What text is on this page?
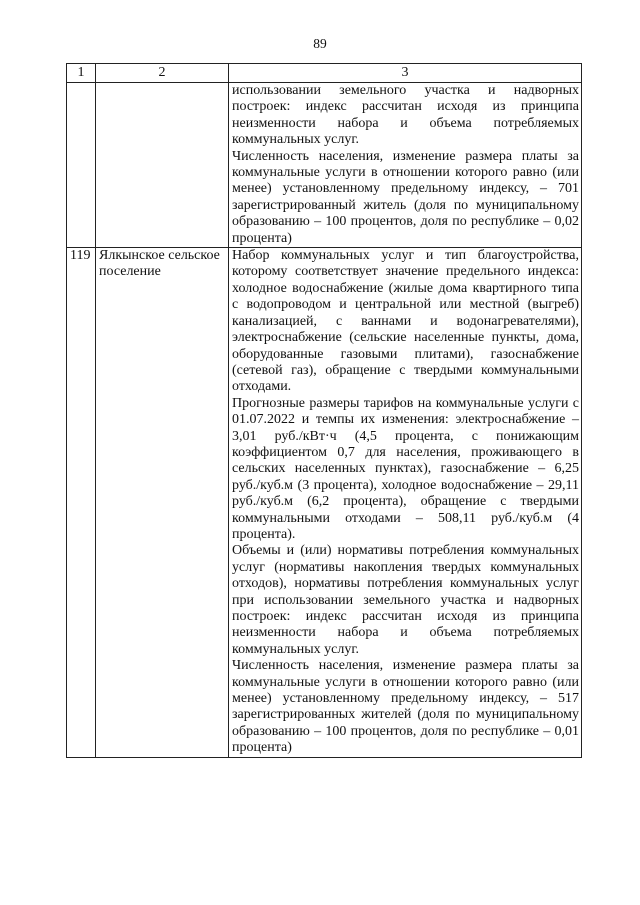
89
1	2	3

		использовании земельного участка и надворных построек: индекс рассчитан исходя из принципа неизменности набора и объема потребляемых коммунальных услуг.

Численность населения, изменение размера платы за коммунальные услуги в отношении которого равно (или менее) установленному предельному индексу, – 701 зарегистрированный житель (доля по муниципальному образованию – 100 процентов, доля по республике – 0,02 процента)

119	Ялкынское сельское поселение	Набор коммунальных услуг и тип благоустройства, которому соответствует значение предельного индекса: холодное водоснабжение (жилые дома квартирного типа с водопроводом и центральной или местной (выгреб) канализацией, с ваннами и водонагревателями), электроснабжение (сельские населенные пункты, дома, оборудованные газовыми плитами), газоснабжение (сетевой газ), обращение с твердыми коммунальными отходами.

Прогнозные размеры тарифов на коммунальные услуги с 01.07.2022 и темпы их изменения: электроснабжение – 3,01 руб./кВт·ч (4,5 процента, с понижающим коэффициентом 0,7 для населения, проживающего в сельских населенных пунктах), газоснабжение – 6,25 руб./куб.м (3 процента), холодное водоснабжение – 29,11 руб./куб.м (6,2 процента), обращение с твердыми коммунальными отходами – 508,11 руб./куб.м (4 процента).

Объемы и (или) нормативы потребления коммунальных услуг (нормативы накопления твердых коммунальных отходов), нормативы потребления коммунальных услуг при использовании земельного участка и надворных построек: индекс рассчитан исходя из принципа неизменности набора и объема потребляемых коммунальных услуг.

Численность населения, изменение размера платы за коммунальные услуги в отношении которого равно (или менее) установленному предельному индексу, – 517 зарегистрированных жителей (доля по муниципальному образованию – 100 процентов, доля по республике – 0,01 процента)
